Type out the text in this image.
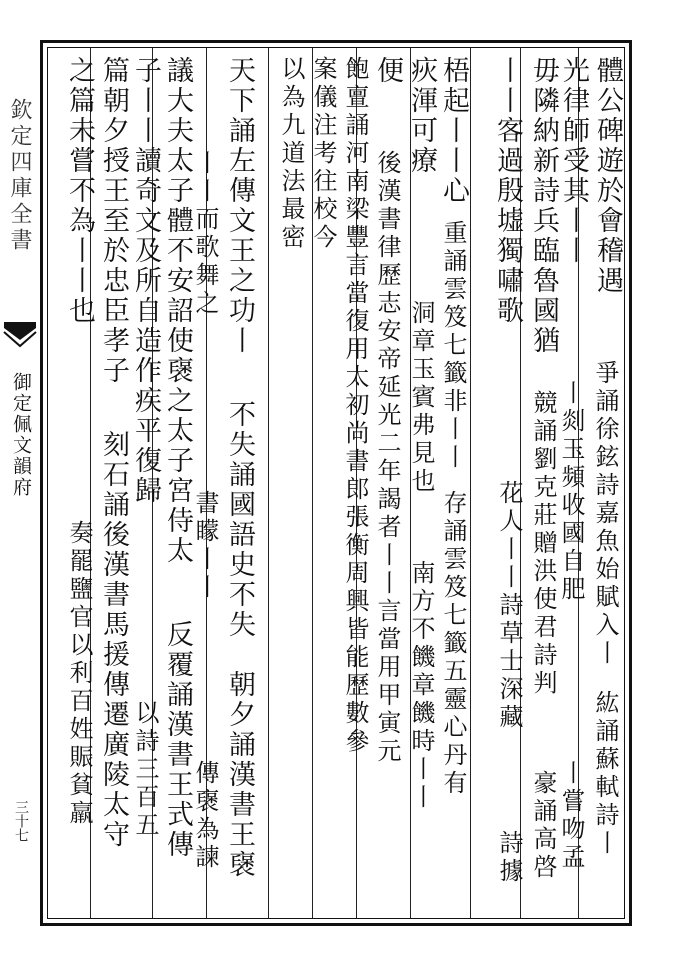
欽定四庫全書
御定佩文韻府
三十七
體公碑遊於會稽遇
光律師受其丨丨
爭誦徐鉉詩嘉魚始賦入丨
丨剡玉頻收國自肥
紘誦蘇軾詩丨
丨嘗吻孟
毋隣納新詩兵臨魯國猶
競誦劉克莊贈洪使君詩判
花人丨丨詩草士深藏
豪誦高啓
丨丨客過殷墟獨嘯歌
詩據
梧起丨丨心
重誦雲笈七籤非丨丨
疢渾可療
洞章玉賓弗見也
存誦雲笈七籤五靈心丹有
南方不饑章饑時丨丨
便
後漢書律歷志安帝延光二年謁者丨丨言當用甲寅元
飽亶誦河南梁豐言當復用太初尚書郎張衡周興皆能歷數參
案儀注考往校今
以為九道法最密
天下誦左傳文王之功丨
丨丨而歌舞之
不失誦國語史不失
書矇丨丨
朝夕誦漢書王襃
傳襃為諫
議大夫太子體不安詔使襃之太子宮侍太
子丨丨讀奇文及所自造作疾平復歸
反覆誦漢書王式傳
以詩三百五
篇朝夕授王至於忠臣孝子
之篇未嘗不為丨丨也
刻石誦後漢書馬援傳遷廣陵太守
奏罷鹽官以利百姓賑貧羸
